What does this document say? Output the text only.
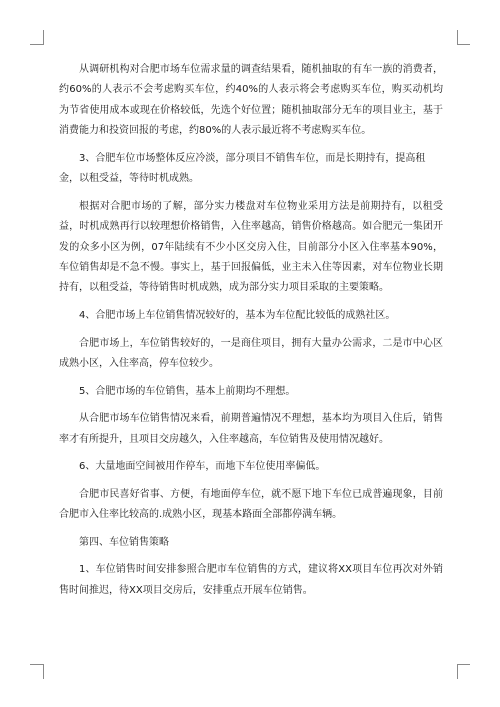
从调研机构对合肥市场车位需求量的调查结果看，随机抽取的有车一族的消费者，约60%的人表示不会考虑购买车位，约40%的人表示将会考虑购买车位，购买动机均为节省使用成本或现在价格较低，先选个好位置；随机抽取部分无车的项目业主，基于消费能力和投资回报的考虑，约80%的人表示最近将不考虑购买车位。

3、合肥车位市场整体反应冷淡，部分项目不销售车位，而是长期持有，提高租金，以租受益，等待时机成熟。

根据对合肥市场的了解，部分实力楼盘对车位物业采用方法是前期持有，以租受益，时机成熟再行以较理想价格销售，入住率越高，销售价格越高。如合肥元一集团开发的众多小区为例，07年陆续有不少小区交房入住，目前部分小区入住率基本90%，车位销售却是不急不慢。事实上，基于回报偏低，业主未入住等因素，对车位物业长期持有，以租受益，等待销售时机成熟，成为部分实力项目采取的主要策略。

4、合肥市场上车位销售情况较好的，基本为车位配比较低的成熟社区。

合肥市场上，车位销售较好的，一是商住项目，拥有大量办公需求，二是市中心区成熟小区，入住率高，停车位较少。

5、合肥市场的车位销售，基本上前期均不理想。

从合肥市场车位销售情况来看，前期普遍情况不理想，基本均为项目入住后，销售率才有所提升，且项目交房越久，入住率越高，车位销售及使用情况越好。

6、大量地面空间被用作停车，而地下车位使用率偏低。

合肥市民喜好省事、方便，有地面停车位，就不愿下地下车位已成普遍现象，目前合肥市入住率比较高的.成熟小区，现基本路面全部都停满车辆。

第四、车位销售策略

1、车位销售时间安排参照合肥市车位销售的方式，建议将XX项目车位再次对外销售时间推迟，待XX项目交房后，安排重点开展车位销售。
